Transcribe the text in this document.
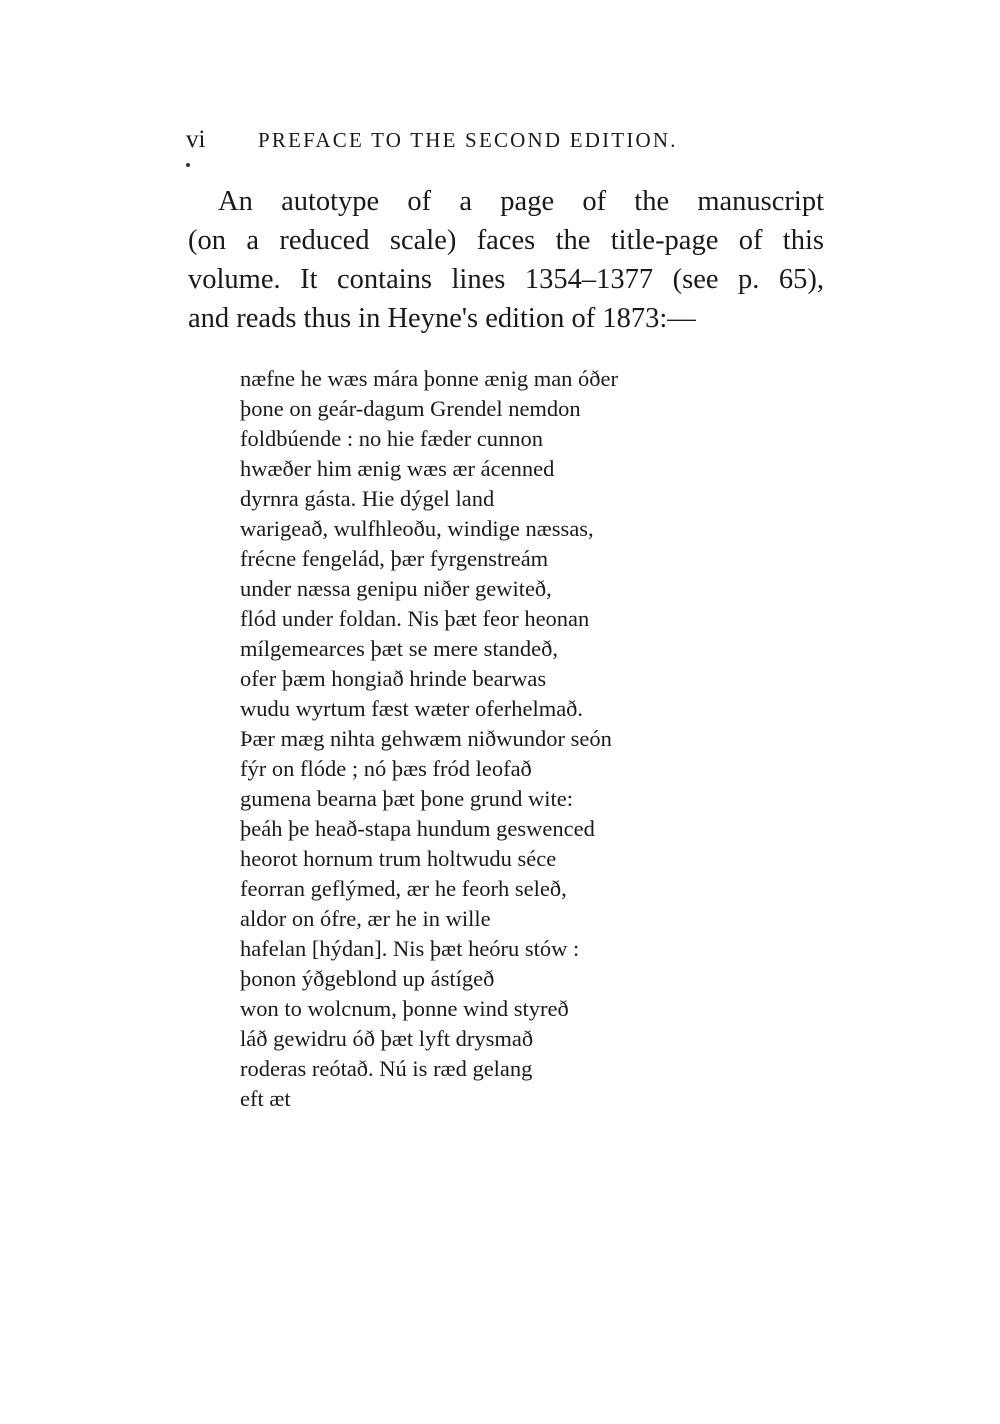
vi	PREFACE TO THE SECOND EDITION.
An autotype of a page of the manuscript
(on a reduced scale) faces the title-page of this
volume. It contains lines 1354–1377 (see p. 65),
and reads thus in Heyne's edition of 1873:—
næfne he wæs mára þonne ænig man óðer
þone on geár-dagum Grendel nemdon
foldbúende : no hie fæder cunnon
hwæðer him ænig wæs ær ácenned
dyrnra gásta. Hie dýgel land
warigeað, wulfhleoðu, windige næssas,
frécne fengelád, þær fyrgenstreám
under næssa genipu niðer gewiteð,
flód under foldan. Nis þæt feor heonan
mílgemearces þæt se mere standeð,
ofer þæm hongiað hrinde bearwas
wudu wyrtum fæst wæter oferhelmað.
Þær mæg nihta gehwæm niðwundor seón
fýr on flóde ; nó þæs fród leofað
gumena bearna þæt þone grund wite:
þeáh þe heað-stapa hundum geswenced
heorot hornum trum holtwudu séce
feorran geflýmed, ær he feorh seleð,
aldor on ófre, ær he in wille
hafelan [hýdan]. Nis þæt heóru stów :
þonon ýðgeblond up ástígeð
won to wolcnum, þonne wind styreð
láð gewidru óð þæt lyft drysmað
roderas reótað. Nú is ræd gelang
eft æt
